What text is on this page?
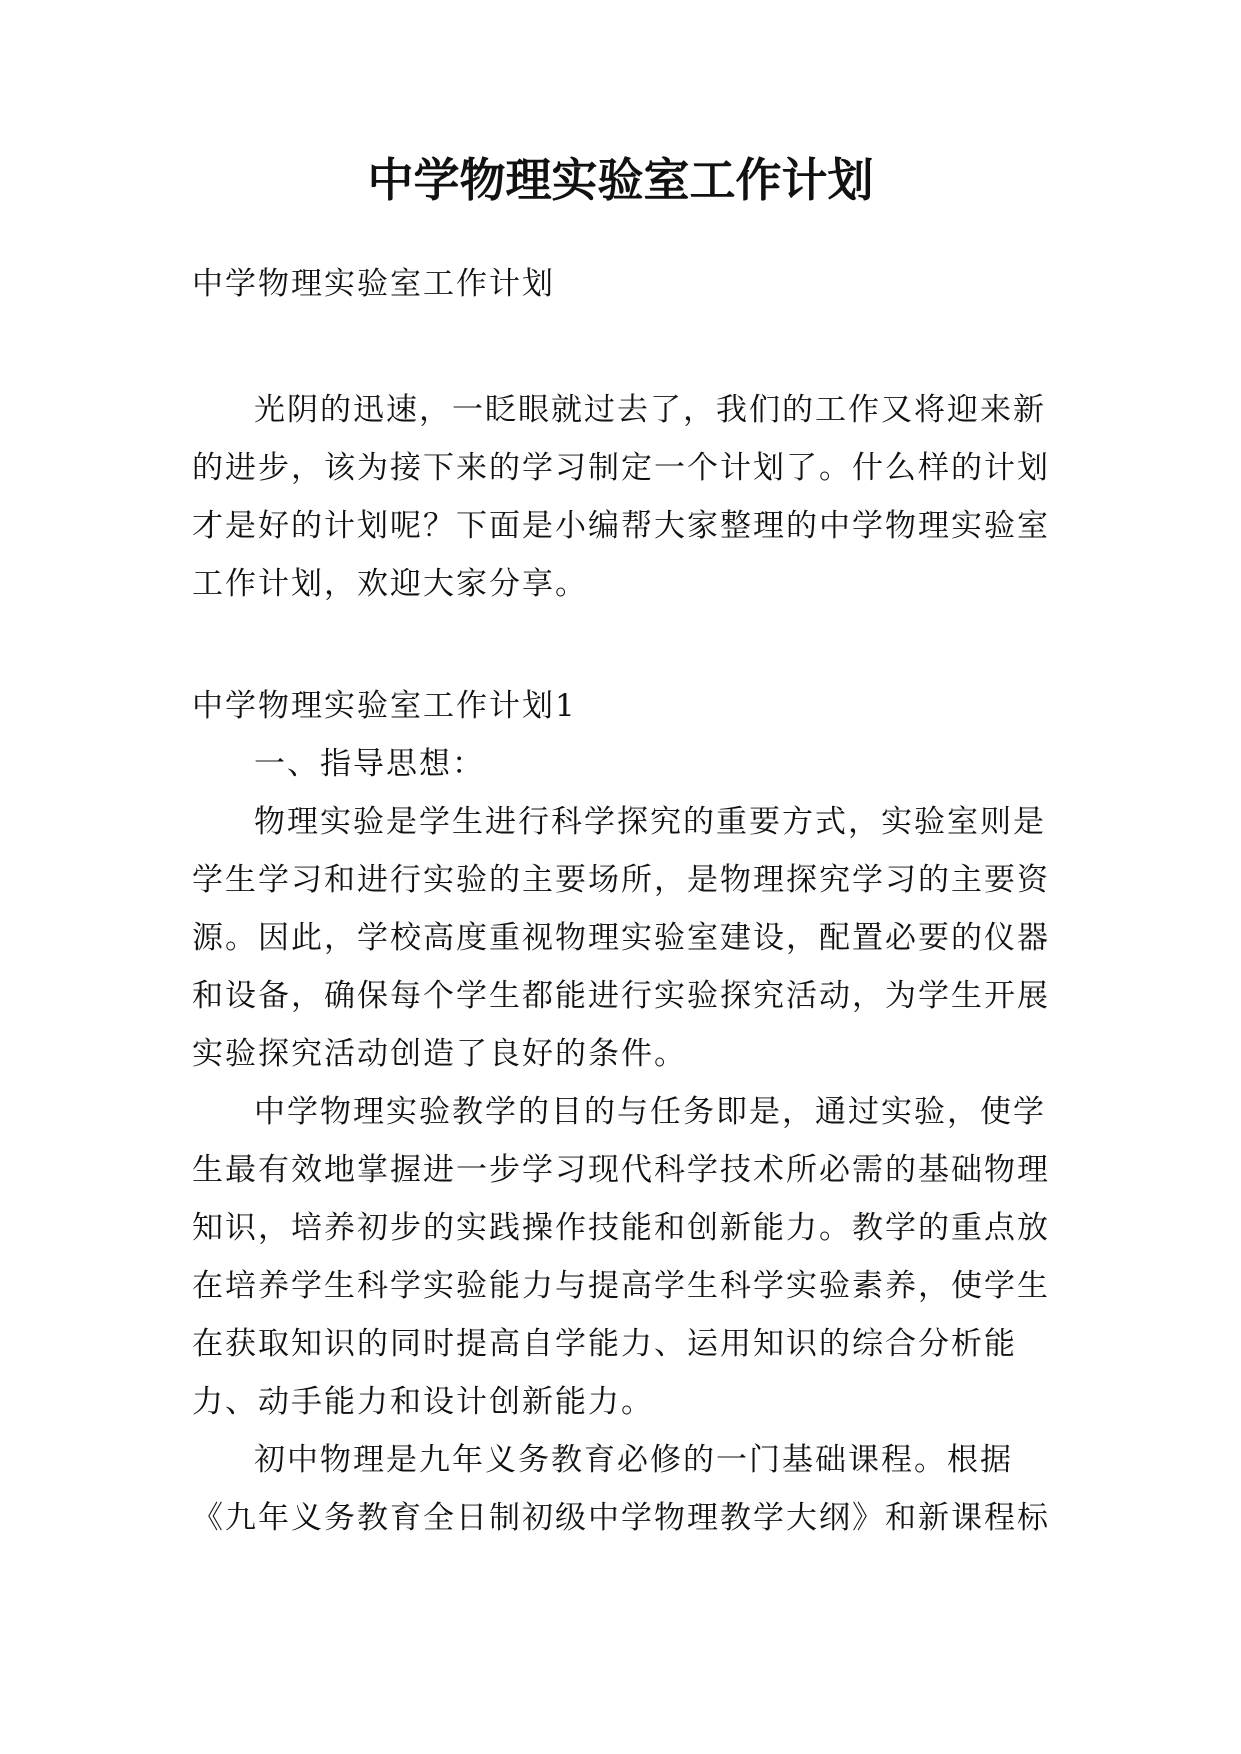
中学物理实验室工作计划

中学物理实验室工作计划

光阴的迅速，一眨眼就过去了，我们的工作又将迎来新的进步，该为接下来的学习制定一个计划了。什么样的计划才是好的计划呢？下面是小编帮大家整理的中学物理实验室工作计划，欢迎大家分享。

中学物理实验室工作计划1

一、指导思想：

物理实验是学生进行科学探究的重要方式，实验室则是学生学习和进行实验的主要场所，是物理探究学习的主要资源。因此，学校高度重视物理实验室建设，配置必要的仪器和设备，确保每个学生都能进行实验探究活动，为学生开展实验探究活动创造了良好的条件。

中学物理实验教学的目的与任务即是，通过实验，使学生最有效地掌握进一步学习现代科学技术所必需的基础物理知识，培养初步的实践操作技能和创新能力。教学的重点放在培养学生科学实验能力与提高学生科学实验素养，使学生在获取知识的同时提高自学能力、运用知识的综合分析能力、动手能力和设计创新能力。

初中物理是九年义务教育必修的一门基础课程。根据《九年义务教育全日制初级中学物理教学大纲》和新课程标
